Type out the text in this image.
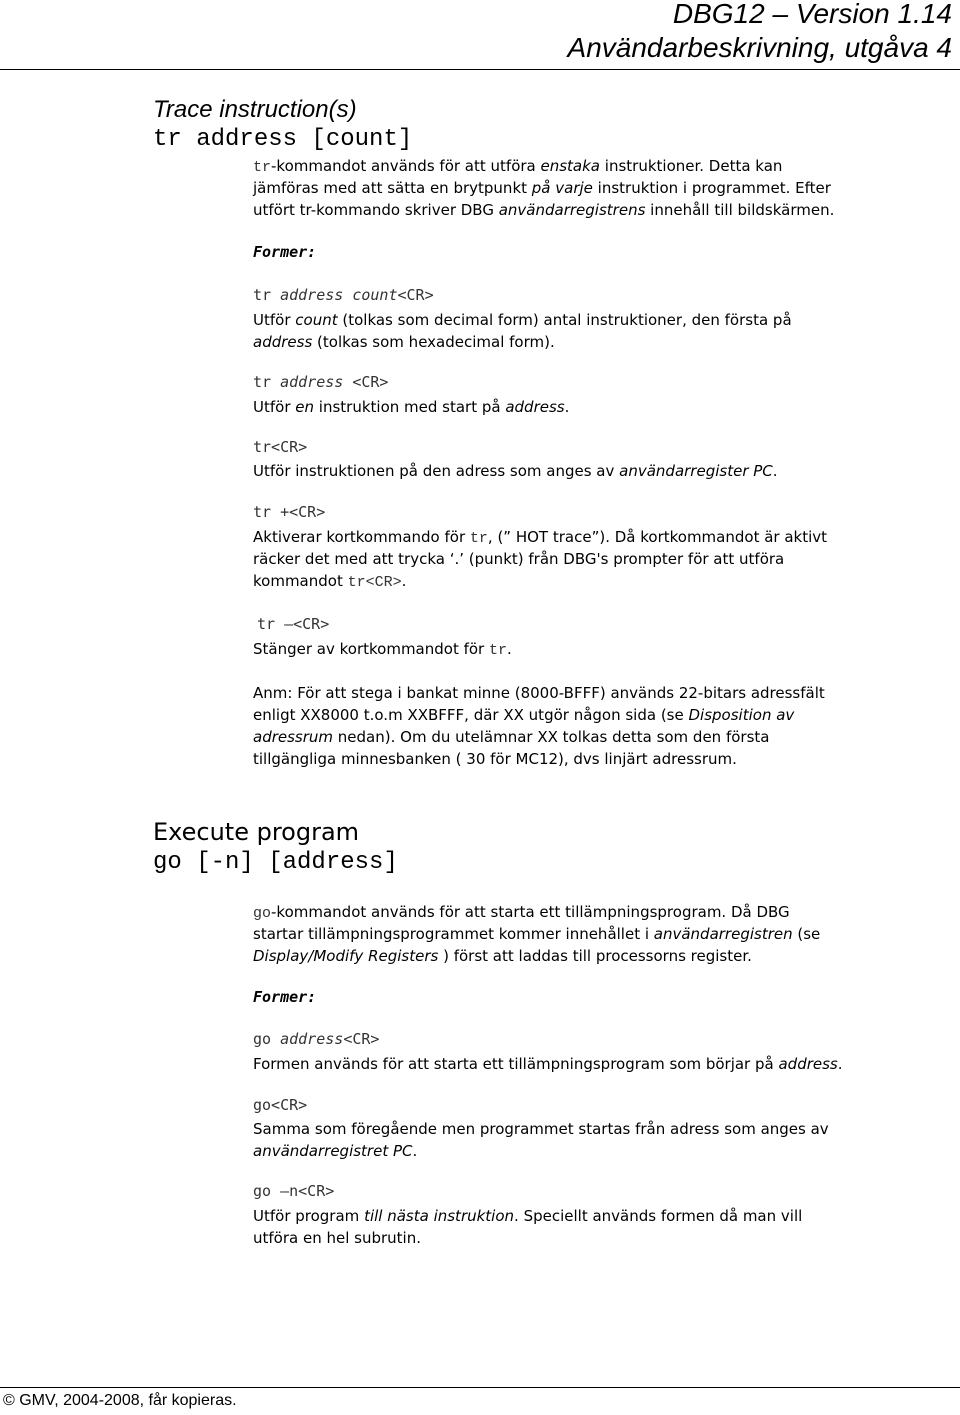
DBG12 – Version 1.14
Användarbeskrivning, utgåva 4
Trace instruction(s)
tr address [count]
tr-kommandot används för att utföra enstaka instruktioner. Detta kan
jämföras med att sätta en brytpunkt på varje instruktion i programmet. Efter
utfört tr-kommando skriver DBG användarregistrens innehåll till bildskärmen.
Former:
tr address count<CR>
Utför count (tolkas som decimal form) antal instruktioner, den första på
address (tolkas som hexadecimal form).
tr address <CR>
Utför en instruktion med start på address.
tr<CR>
Utför instruktionen på den adress som anges av användarregister PC.
tr +<CR>
Aktiverar kortkommando för tr, (” HOT trace”). Då kortkommandot är aktivt
räcker det med att trycka ‘.’ (punkt) från DBG's prompter för att utföra
kommandot tr<CR>.
tr –<CR>
Stänger av kortkommandot för tr.
Anm: För att stega i bankat minne (8000-BFFF) används 22-bitars adressfält
enligt XX8000 t.o.m XXBFFF, där XX utgör någon sida (se Disposition av
adressrum nedan). Om du utelämnar XX tolkas detta som den första
tillgängliga minnesbanken ( 30 för MC12), dvs linjärt adressrum.
Execute program
go [-n] [address]
go-kommandot används för att starta ett tillämpningsprogram. Då DBG
startar tillämpningsprogrammet kommer innehållet i användarregistren (se
Display/Modify Registers ) först att laddas till processorns register.
Former:
go address<CR>
Formen används för att starta ett tillämpningsprogram som börjar på address.
go<CR>
Samma som föregående men programmet startas från adress som anges av
användarregistret PC.
go –n<CR>
Utför program till nästa instruktion. Speciellt används formen då man vill
utföra en hel subrutin.
© GMV, 2004-2008, får kopieras.
